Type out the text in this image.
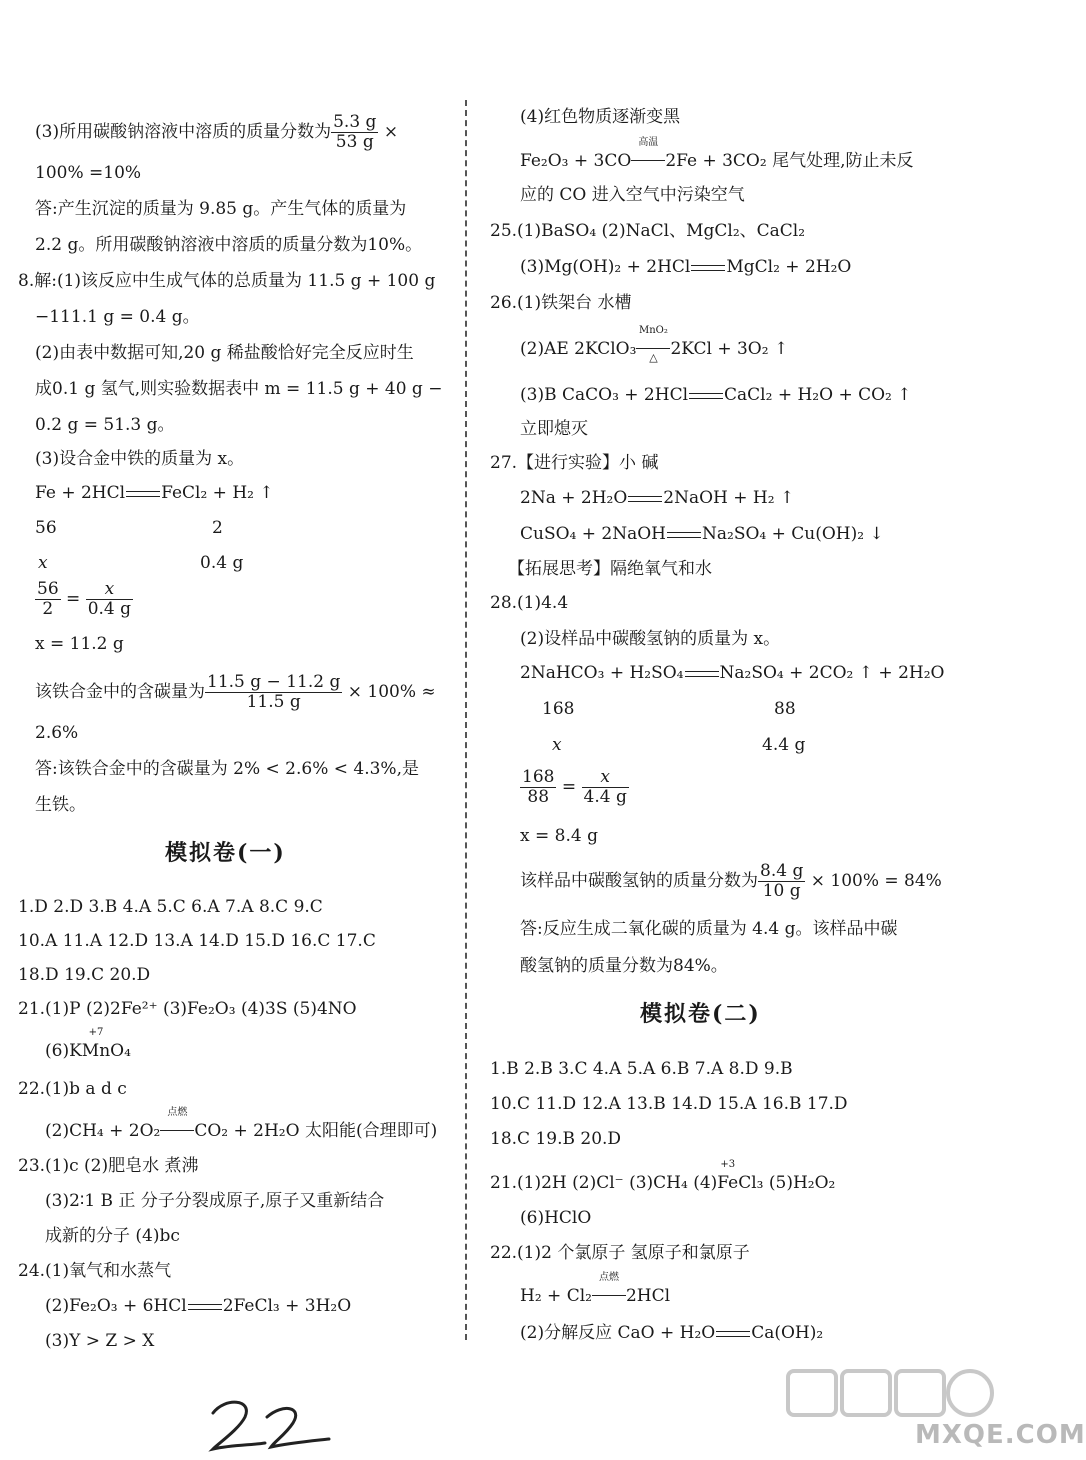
(3)所用碳酸钠溶液中溶质的质量分数为 $\frac{5.3 g}{53 g}$ ×
100% =10%
答:产生沉淀的质量为 9.85 g。产生气体的质量为
2.2 g。所用碳酸钠溶液中溶质的质量分数为10%。
8.解:(1)该反应中生成气体的总质量为 11.5 g + 100 g
−111.1 g = 0.4 g。
(2)由表中数据可知,20 g 稀盐酸恰好完全反应时生
成0.1 g 氢气,则实验数据表中 m = 11.5 g + 40 g −
0.2 g = 51.3 g。
(3)设合金中铁的质量为 x。
Fe + 2HCl FeCl₂ + H₂ ↑
56	2
x	0.4 g
$\frac{56}{2} = \frac{x}{0.4 g}$
x = 11.2 g
该铁合金中的含碳量为 $\frac{11.5 g - 11.2 g}{11.5 g} \times 100\%$ ≈
2.6%
答:该铁合金中的含碳量为 2% < 2.6% < 4.3%,是
生铁。
模拟卷(一)
1.D 2.D 3.B 4.A 5.C 6.A 7.A 8.C 9.C
10.A 11.A 12.D 13.A 14.D 15.D 16.C 17.C
18.D 19.C 20.D
21.(1)P (2)2Fe²⁺ (3)Fe₂O₃ (4)3S (5)4NO
(6)K
+7
MnO₄
22.(1)b a d c
(2)CH₄ + 2O₂
点燃
CO₂ + 2H₂O 太阳能(合理即可)
23.(1)c (2)肥皂水 煮沸
(3)2∶1 B 正 分子分裂成原子,原子又重新结合
成新的分子 (4)bc
24.(1)氧气和水蒸气
(2)Fe₂O₃ + 6HCl 2FeCl₃ + 3H₂O
(3)Y > Z > X
(4)红色物质逐渐变黑
Fe₂O₃ + 3CO
高温
2Fe + 3CO₂ 尾气处理,防止未反
应的 CO 进入空气中污染空气
25.(1)BaSO₄ (2)NaCl、MgCl₂、CaCl₂
(3)Mg(OH)₂ + 2HCl MgCl₂ + 2H₂O
26.(1)铁架台 水槽
(2)AE 2KClO₃
MnO₂
△ 2KCl + 3O₂ ↑
(3)B CaCO₃ + 2HCl CaCl₂ + H₂O + CO₂ ↑
立即熄灭
27.【进行实验】小 碱
2Na + 2H₂O 2NaOH + H₂ ↑
CuSO₄ + 2NaOH Na₂SO₄ + Cu(OH)₂ ↓
【拓展思考】隔绝氧气和水
28.(1)4.4
(2)设样品中碳酸氢钠的质量为 x。
2NaHCO₃ + H₂SO₄ Na₂SO₄ + 2CO₂ ↑ + 2H₂O
168	88
x	4.4 g
$\frac{168}{88} = \frac{x}{4.4 g}$
x = 8.4 g
该样品中碳酸氢钠的质量分数为 $\frac{8.4 g}{10 g} \times 100\% = 84\%$
答:反应生成二氧化碳的质量为 4.4 g。该样品中碳
酸氢钠的质量分数为84%。
模拟卷(二)
1.B 2.B 3.C 4.A 5.A 6.B 7.A 8.D 9.B
10.C 11.D 12.A 13.B 14.D 15.A 16.B 17.D
18.C 19.B 20.D
21.(1)2H (2)Cl⁻ (3)CH₄ (4)
+3
FeCl₃ (5)H₂O₂
(6)HClO
22.(1)2 个氯原子 氢原子和氯原子
H₂ + Cl₂
点燃
2HCl
(2)分解反应 CaO + H₂O Ca(OH)₂
MXQE.COM
